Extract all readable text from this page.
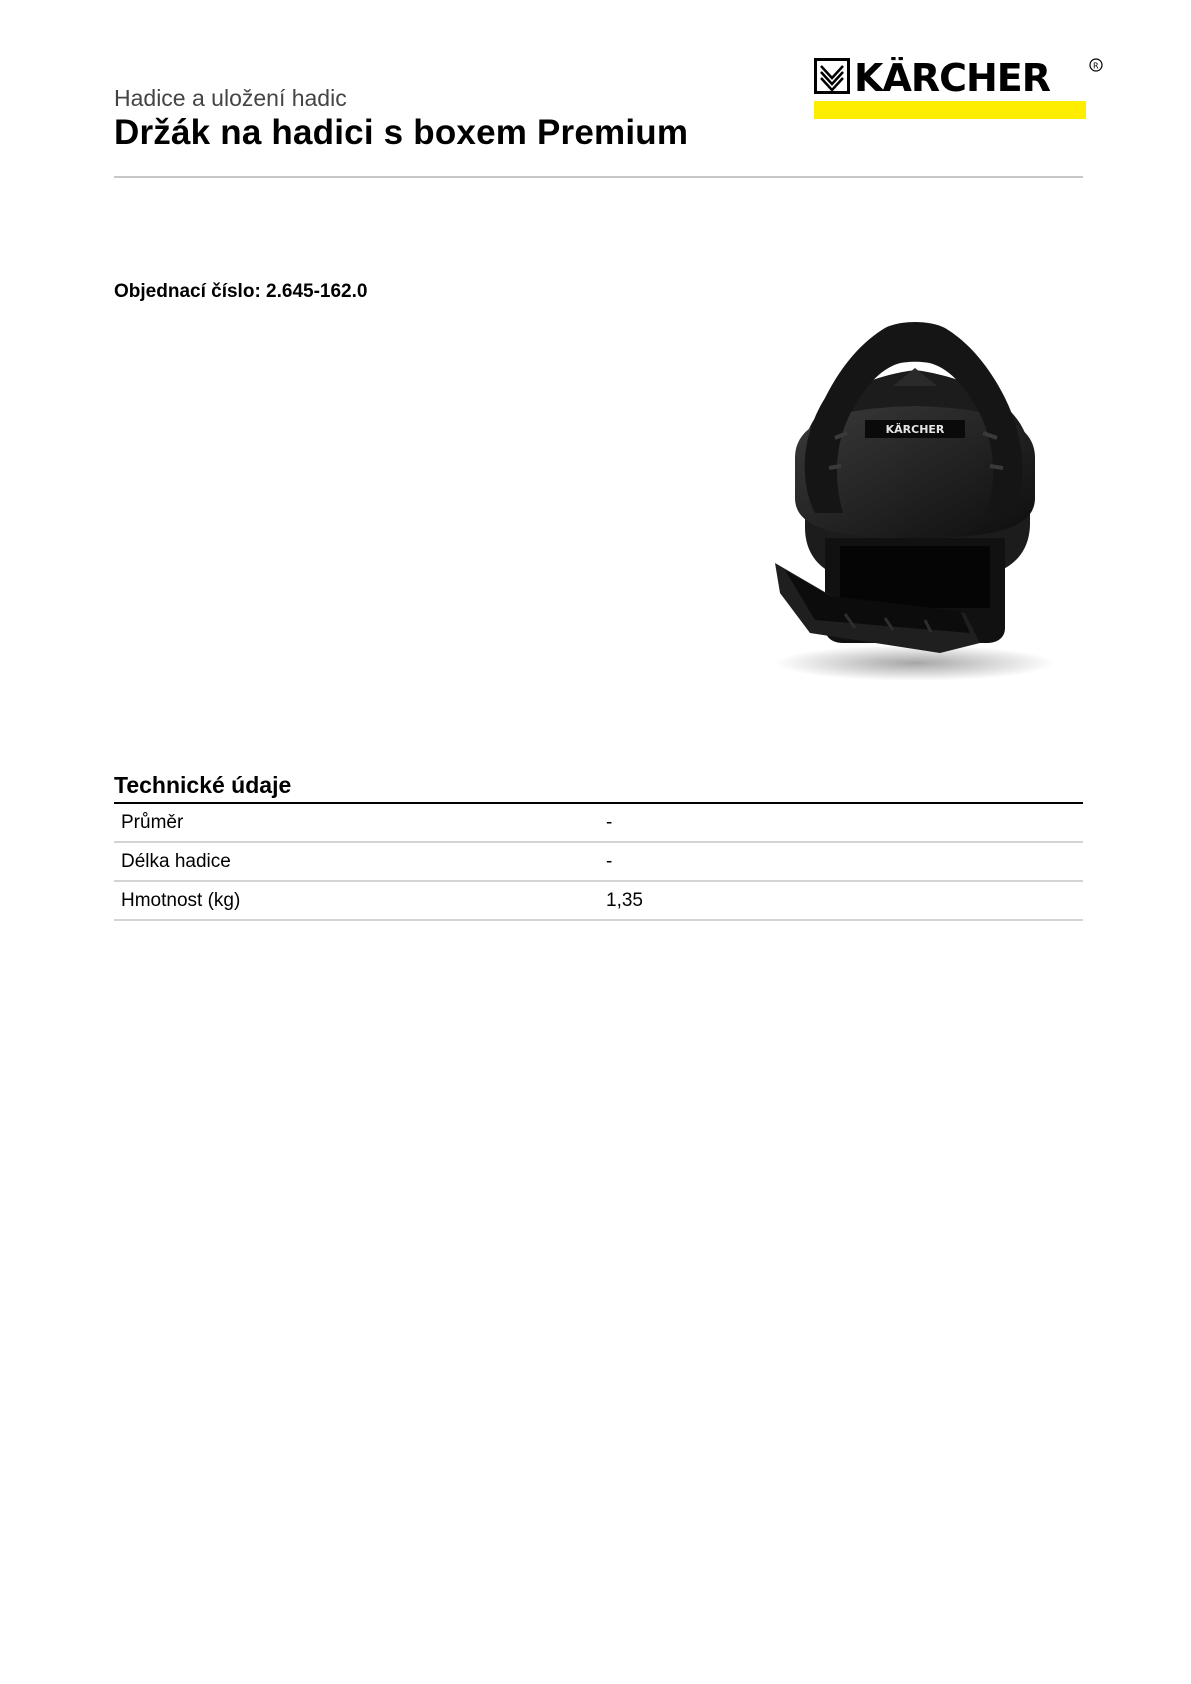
Hadice a uložení hadic
Držák na hadici s boxem Premium
KÄRCHER	R
Objednací číslo: 2.645-162.0
KÄRCHER
Technické údaje
Průměr	-
Délka hadice	-
Hmotnost (kg)	1,35
